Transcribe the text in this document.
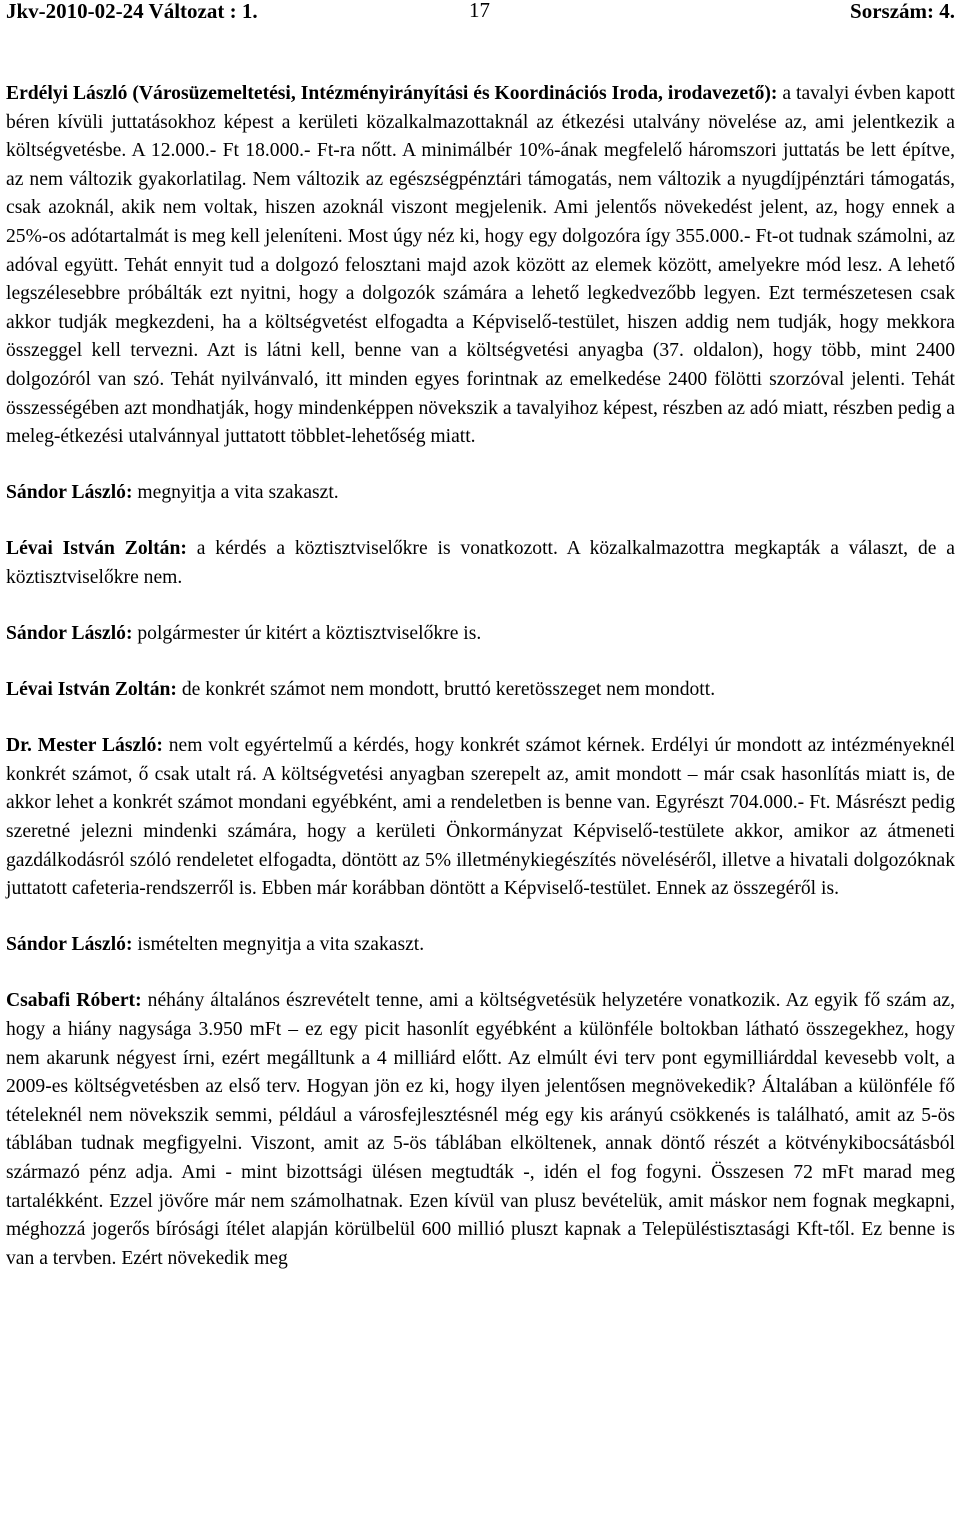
Jkv-2010-02-24 Változat : 1.	17	Sorszám: 4.

Erdélyi László (Városüzemeltetési, Intézményirányítási és Koordinációs Iroda, irodavezető): a tavalyi évben kapott béren kívüli juttatásokhoz képest a kerületi közalkalmazottaknál az étkezési utalvány növelése az, ami jelentkezik a költségvetésbe. A 12.000.- Ft 18.000.- Ft-ra nőtt. A minimálbér 10%-ának megfelelő háromszori juttatás be lett építve, az nem változik gyakorlatilag. Nem változik az egészségpénztári támogatás, nem változik a nyugdíjpénztári támogatás, csak azoknál, akik nem voltak, hiszen azoknál viszont megjelenik. Ami jelentős növekedést jelent, az, hogy ennek a 25%-os adótartalmát is meg kell jeleníteni. Most úgy néz ki, hogy egy dolgozóra így 355.000.- Ft-ot tudnak számolni, az adóval együtt. Tehát ennyit tud a dolgozó felosztani majd azok között az elemek között, amelyekre mód lesz. A lehető legszélesebbre próbálták ezt nyitni, hogy a dolgozók számára a lehető legkedvezőbb legyen. Ezt természetesen csak akkor tudják megkezdeni, ha a költségvetést elfogadta a Képviselő-testület, hiszen addig nem tudják, hogy mekkora összeggel kell tervezni. Azt is látni kell, benne van a költségvetési anyagba (37. oldalon), hogy több, mint 2400 dolgozóról van szó. Tehát nyilvánvaló, itt minden egyes forintnak az emelkedése 2400 fölötti szorzóval jelenti. Tehát összességében azt mondhatják, hogy mindenképpen növekszik a tavalyihoz képest, részben az adó miatt, részben pedig a meleg-étkezési utalvánnyal juttatott többlet-lehetőség miatt.

Sándor László: megnyitja a vita szakaszt.

Lévai István Zoltán: a kérdés a köztisztviselőkre is vonatkozott. A közalkalmazottra megkapták a választ, de a köztisztviselőkre nem.

Sándor László: polgármester úr kitért a köztisztviselőkre is.

Lévai István Zoltán: de konkrét számot nem mondott, bruttó keretösszeget nem mondott.

Dr. Mester László: nem volt egyértelmű a kérdés, hogy konkrét számot kérnek. Erdélyi úr mondott az intézményeknél konkrét számot, ő csak utalt rá. A költségvetési anyagban szerepelt az, amit mondott – már csak hasonlítás miatt is, de akkor lehet a konkrét számot mondani egyébként, ami a rendeletben is benne van. Egyrészt 704.000.- Ft. Másrészt pedig szeretné jelezni mindenki számára, hogy a kerületi Önkormányzat Képviselő-testülete akkor, amikor az átmeneti gazdálkodásról szóló rendeletet elfogadta, döntött az 5% illetménykiegészítés növeléséről, illetve a hivatali dolgozóknak juttatott cafeteria-rendszerről is. Ebben már korábban döntött a Képviselő-testület. Ennek az összegéről is.

Sándor László: ismételten megnyitja a vita szakaszt.

Csabafi Róbert: néhány általános észrevételt tenne, ami a költségvetésük helyzetére vonatkozik. Az egyik fő szám az, hogy a hiány nagysága 3.950 mFt – ez egy picit hasonlít egyébként a különféle boltokban látható összegekhez, hogy nem akarunk négyest írni, ezért megálltunk a 4 milliárd előtt. Az elmúlt évi terv pont egymilliárddal kevesebb volt, a 2009-es költségvetésben az első terv. Hogyan jön ez ki, hogy ilyen jelentősen megnövekedik? Általában a különféle fő tételeknél nem növekszik semmi, például a városfejlesztésnél még egy kis arányú csökkenés is található, amit az 5-ös táblában tudnak megfigyelni. Viszont, amit az 5-ös táblában elköltenek, annak döntő részét a kötvénykibocsátásból származó pénz adja. Ami - mint bizottsági ülésen megtudták -, idén el fog fogyni. Összesen 72 mFt marad meg tartalékként. Ezzel jövőre már nem számolhatnak. Ezen kívül van plusz bevételük, amit máskor nem fognak megkapni, méghozzá jogerős bírósági ítélet alapján körülbelül 600 millió pluszt kapnak a Településtisztasági Kft-től. Ez benne is van a tervben. Ezért növekedik meg
